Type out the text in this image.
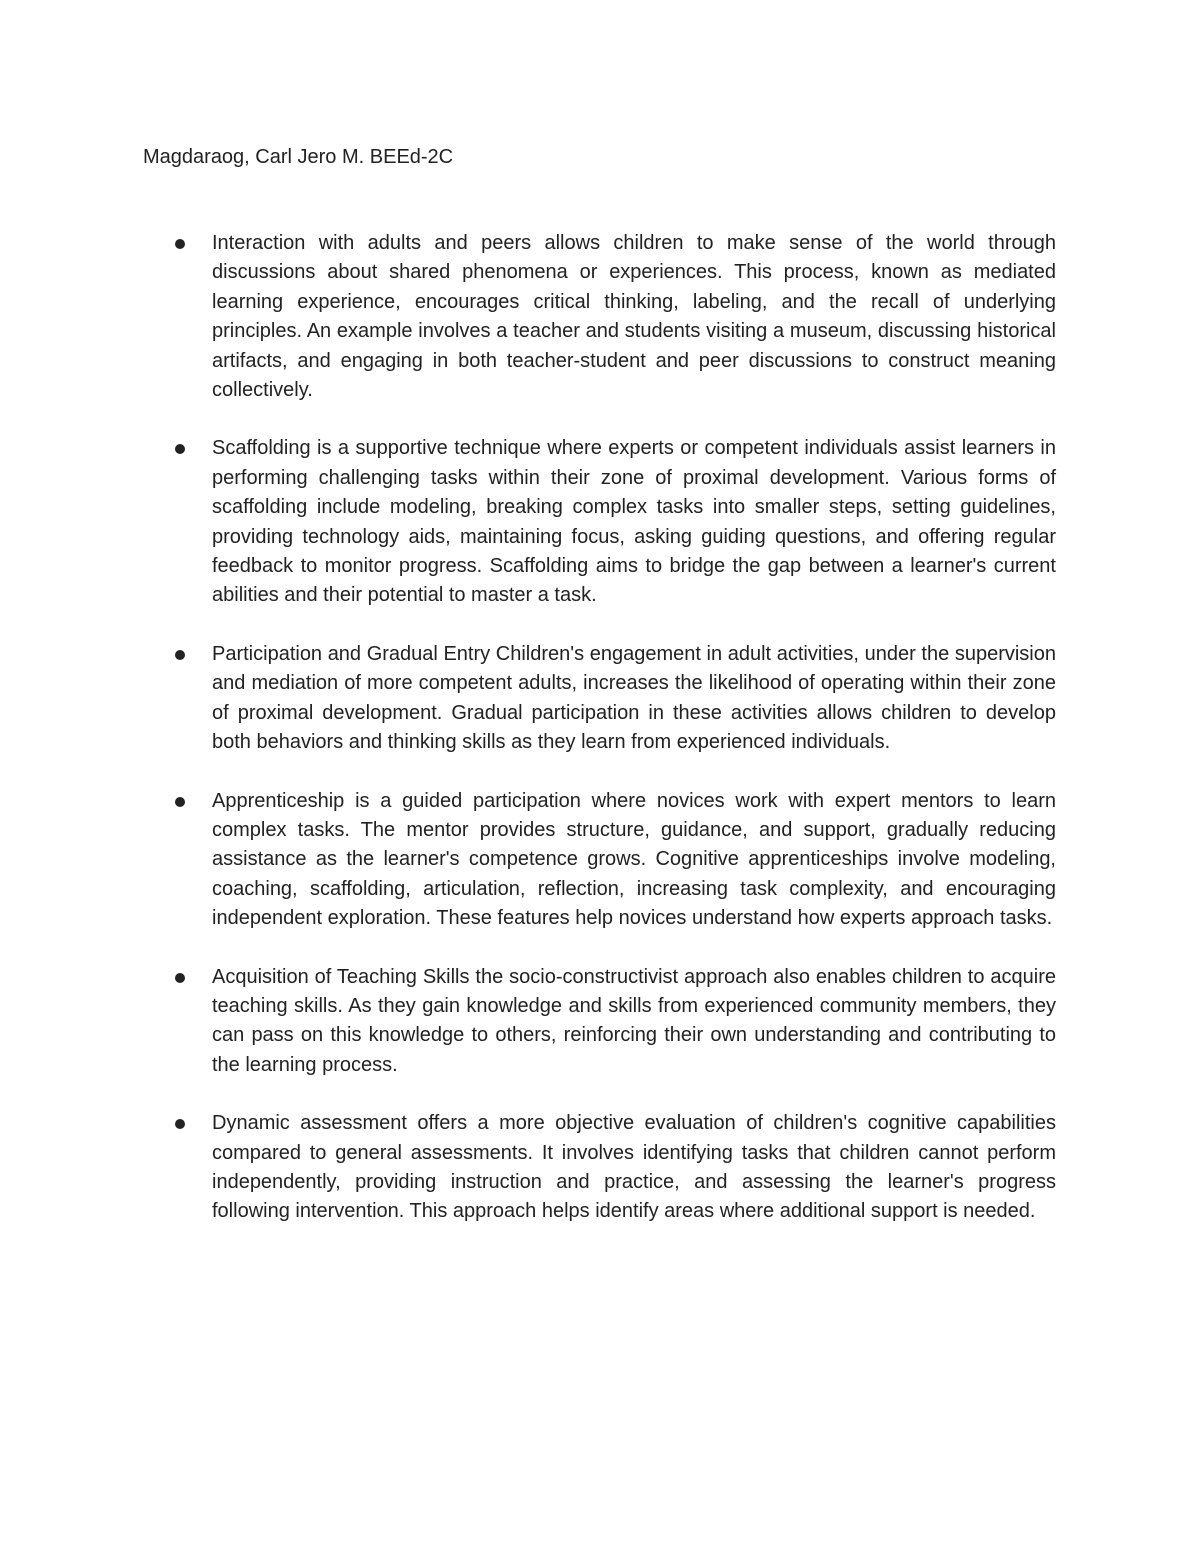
Magdaraog, Carl Jero M. BEEd-2C
Interaction with adults and peers allows children to make sense of the world through discussions about shared phenomena or experiences. This process, known as mediated learning experience, encourages critical thinking, labeling, and the recall of underlying principles. An example involves a teacher and students visiting a museum, discussing historical artifacts, and engaging in both teacher-student and peer discussions to construct meaning collectively.
Scaffolding is a supportive technique where experts or competent individuals assist learners in performing challenging tasks within their zone of proximal development. Various forms of scaffolding include modeling, breaking complex tasks into smaller steps, setting guidelines, providing technology aids, maintaining focus, asking guiding questions, and offering regular feedback to monitor progress. Scaffolding aims to bridge the gap between a learner's current abilities and their potential to master a task.
Participation and Gradual Entry Children's engagement in adult activities, under the supervision and mediation of more competent adults, increases the likelihood of operating within their zone of proximal development. Gradual participation in these activities allows children to develop both behaviors and thinking skills as they learn from experienced individuals.
Apprenticeship is a guided participation where novices work with expert mentors to learn complex tasks. The mentor provides structure, guidance, and support, gradually reducing assistance as the learner's competence grows. Cognitive apprenticeships involve modeling, coaching, scaffolding, articulation, reflection, increasing task complexity, and encouraging independent exploration. These features help novices understand how experts approach tasks.
Acquisition of Teaching Skills the socio-constructivist approach also enables children to acquire teaching skills. As they gain knowledge and skills from experienced community members, they can pass on this knowledge to others, reinforcing their own understanding and contributing to the learning process.
Dynamic assessment offers a more objective evaluation of children's cognitive capabilities compared to general assessments. It involves identifying tasks that children cannot perform independently, providing instruction and practice, and assessing the learner's progress following intervention. This approach helps identify areas where additional support is needed.
